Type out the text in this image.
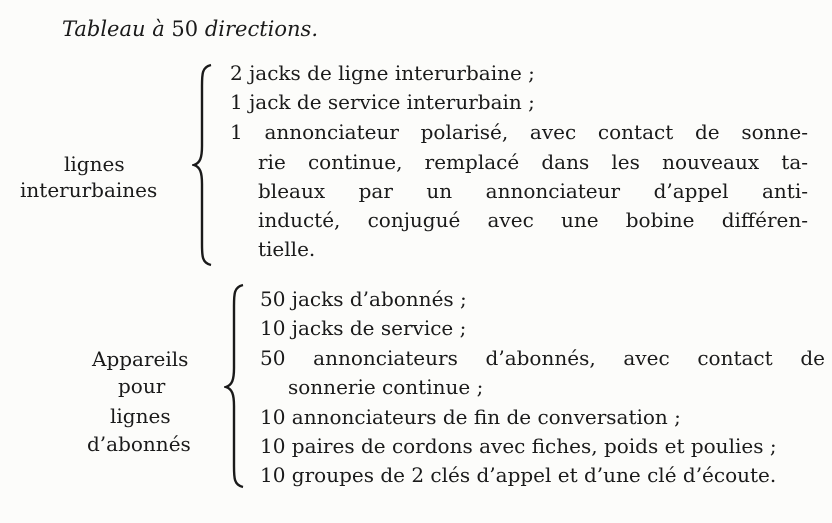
Tableau à 50 directions.
lignes
interurbaines
2 jacks de ligne interurbaine ;
1 jack de service interurbain ;
1 annonciateur polarisé, avec contact de sonne-
rie continue, remplacé dans les nouveaux ta-
bleaux par un annonciateur d’appel anti-
inducté, conjugué avec une bobine différen-
tielle.
Appareils
pour
lignes
d’abonnés
50 jacks d’abonnés ;
10 jacks de service ;
50 annonciateurs d’abonnés, avec contact de
sonnerie continue ;
10 annonciateurs de fin de conversation ;
10 paires de cordons avec fiches, poids et poulies ;
10 groupes de 2 clés d’appel et d’une clé d’écoute.
